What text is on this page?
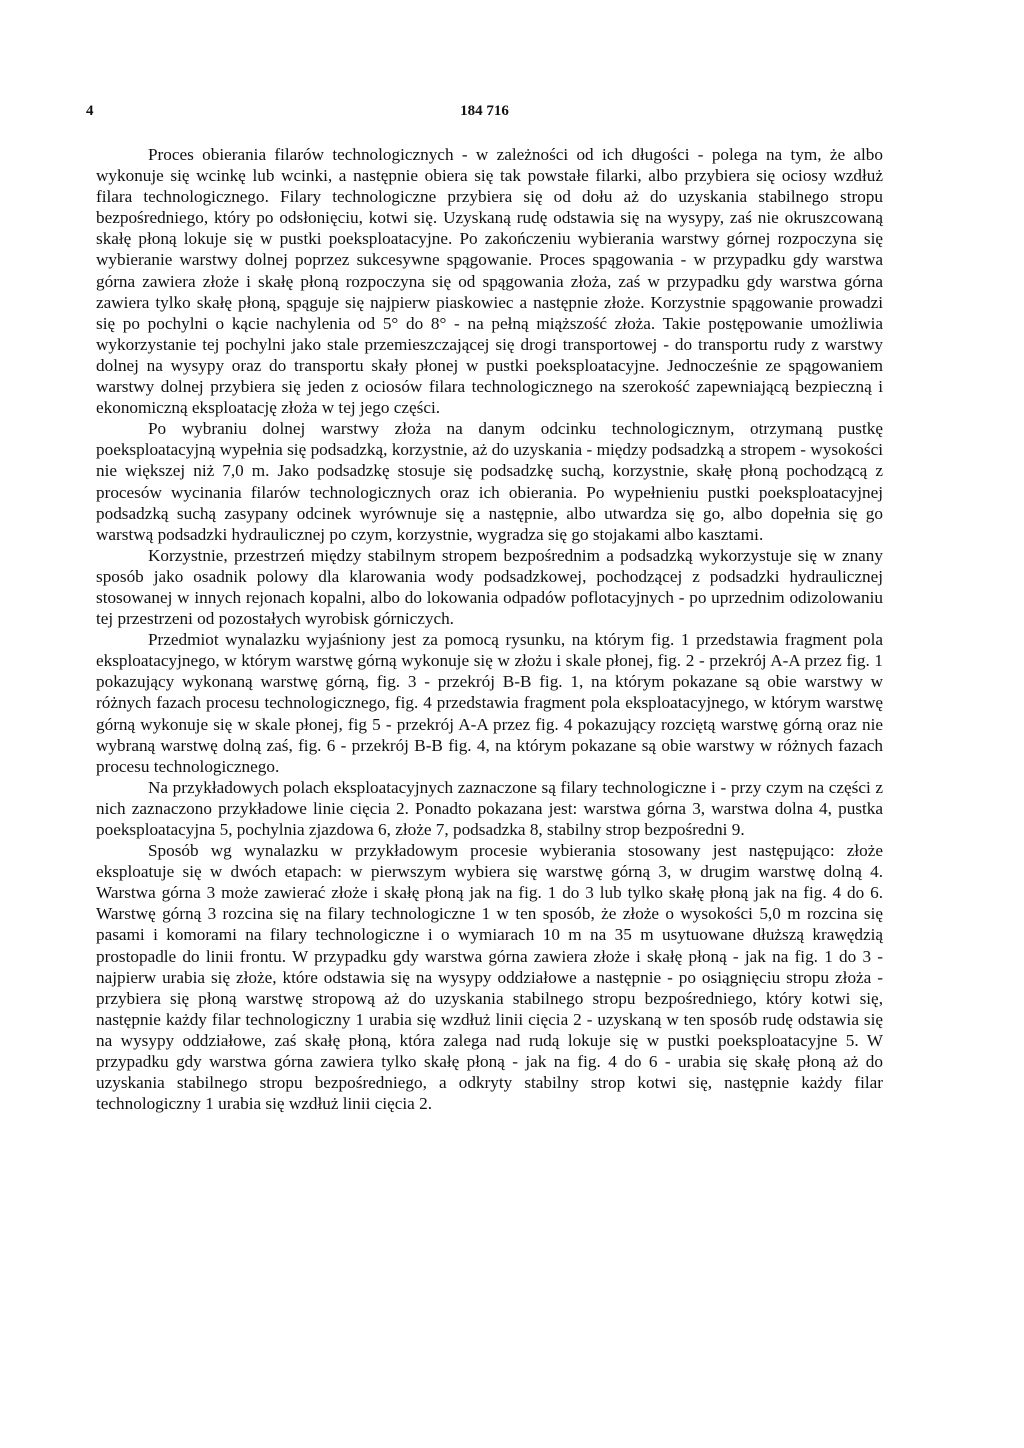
4	184 716

Proces obierania filarów technologicznych - w zależności od ich długości - polega na tym, że albo wykonuje się wcinkę lub wcinki, a następnie obiera się tak powstałe filarki, albo przybiera się ociosy wzdłuż filara technologicznego. Filary technologiczne przybiera się od dołu aż do uzyskania stabilnego stropu bezpośredniego, który po odsłonięciu, kotwi się. Uzyskaną rudę odstawia się na wysypy, zaś nie okruszcowaną skałę płoną lokuje się w pustki poeksploatacyjne. Po zakończeniu wybierania warstwy górnej rozpoczyna się wybieranie warstwy dolnej poprzez sukcesywne spągowanie. Proces spągowania - w przypadku gdy warstwa górna zawiera złoże i skałę płoną rozpoczyna się od spągowania złoża, zaś w przypadku gdy warstwa górna zawiera tylko skałę płoną, spąguje się najpierw piaskowiec a następnie złoże. Korzystnie spągowanie prowadzi się po pochylni o kącie nachylenia od 5° do 8° - na pełną miąższość złoża. Takie postępowanie umożliwia wykorzystanie tej pochylni jako stale przemieszczającej się drogi transportowej - do transportu rudy z warstwy dolnej na wysypy oraz do transportu skały płonej w pustki poeksploatacyjne. Jednocześnie ze spągowaniem warstwy dolnej przybiera się jeden z ociosów filara technologicznego na szerokość zapewniającą bezpieczną i ekonomiczną eksploatację złoża w tej jego części.

Po wybraniu dolnej warstwy złoża na danym odcinku technologicznym, otrzymaną pustkę poeksploatacyjną wypełnia się podsadzką, korzystnie, aż do uzyskania - między podsadzką a stropem - wysokości nie większej niż 7,0 m. Jako podsadzkę stosuje się podsadzkę suchą, korzystnie, skałę płoną pochodzącą z procesów wycinania filarów technologicznych oraz ich obierania. Po wypełnieniu pustki poeksploatacyjnej podsadzką suchą zasypany odcinek wyrównuje się a następnie, albo utwardza się go, albo dopełnia się go warstwą podsadzki hydraulicznej po czym, korzystnie, wygradza się go stojakami albo kasztami.

Korzystnie, przestrzeń między stabilnym stropem bezpośrednim a podsadzką wykorzystuje się w znany sposób jako osadnik polowy dla klarowania wody podsadzkowej, pochodzącej z podsadzki hydraulicznej stosowanej w innych rejonach kopalni, albo do lokowania odpadów poflotacyjnych - po uprzednim odizolowaniu tej przestrzeni od pozostałych wyrobisk górniczych.

Przedmiot wynalazku wyjaśniony jest za pomocą rysunku, na którym fig. 1 przedstawia fragment pola eksploatacyjnego, w którym warstwę górną wykonuje się w złożu i skale płonej, fig. 2 - przekrój A-A przez fig. 1 pokazujący wykonaną warstwę górną, fig. 3 - przekrój B-B fig. 1, na którym pokazane są obie warstwy w różnych fazach procesu technologicznego, fig. 4 przedstawia fragment pola eksploatacyjnego, w którym warstwę górną wykonuje się w skale płonej, fig 5 - przekrój A-A przez fig. 4 pokazujący rozciętą warstwę górną oraz nie wybraną warstwę dolną zaś, fig. 6 - przekrój B-B fig. 4, na którym pokazane są obie warstwy w różnych fazach procesu technologicznego.

Na przykładowych polach eksploatacyjnych zaznaczone są filary technologiczne i - przy czym na części z nich zaznaczono przykładowe linie cięcia 2. Ponadto pokazana jest: warstwa górna 3, warstwa dolna 4, pustka poeksploatacyjna 5, pochylnia zjazdowa 6, złoże 7, podsadzka 8, stabilny strop bezpośredni 9.

Sposób wg wynalazku w przykładowym procesie wybierania stosowany jest następująco: złoże eksploatuje się w dwóch etapach: w pierwszym wybiera się warstwę górną 3, w drugim warstwę dolną 4. Warstwa górna 3 może zawierać złoże i skałę płoną jak na fig. 1 do 3 lub tylko skałę płoną jak na fig. 4 do 6. Warstwę górną 3 rozcina się na filary technologiczne 1 w ten sposób, że złoże o wysokości 5,0 m rozcina się pasami i komorami na filary technologiczne i o wymiarach 10 m na 35 m usytuowane dłuższą krawędzią prostopadle do linii frontu. W przypadku gdy warstwa górna zawiera złoże i skałę płoną - jak na fig. 1 do 3 - najpierw urabia się złoże, które odstawia się na wysypy oddziałowe a następnie - po osiągnięciu stropu złoża - przybiera się płoną warstwę stropową aż do uzyskania stabilnego stropu bezpośredniego, który kotwi się, następnie każdy filar technologiczny 1 urabia się wzdłuż linii cięcia 2 - uzyskaną w ten sposób rudę odstawia się na wysypy oddziałowe, zaś skałę płoną, która zalega nad rudą lokuje się w pustki poeksploatacyjne 5. W przypadku gdy warstwa górna zawiera tylko skałę płoną - jak na fig. 4 do 6 - urabia się skałę płoną aż do uzyskania stabilnego stropu bezpośredniego, a odkryty stabilny strop kotwi się, następnie każdy filar technologiczny 1 urabia się wzdłuż linii cięcia 2.
